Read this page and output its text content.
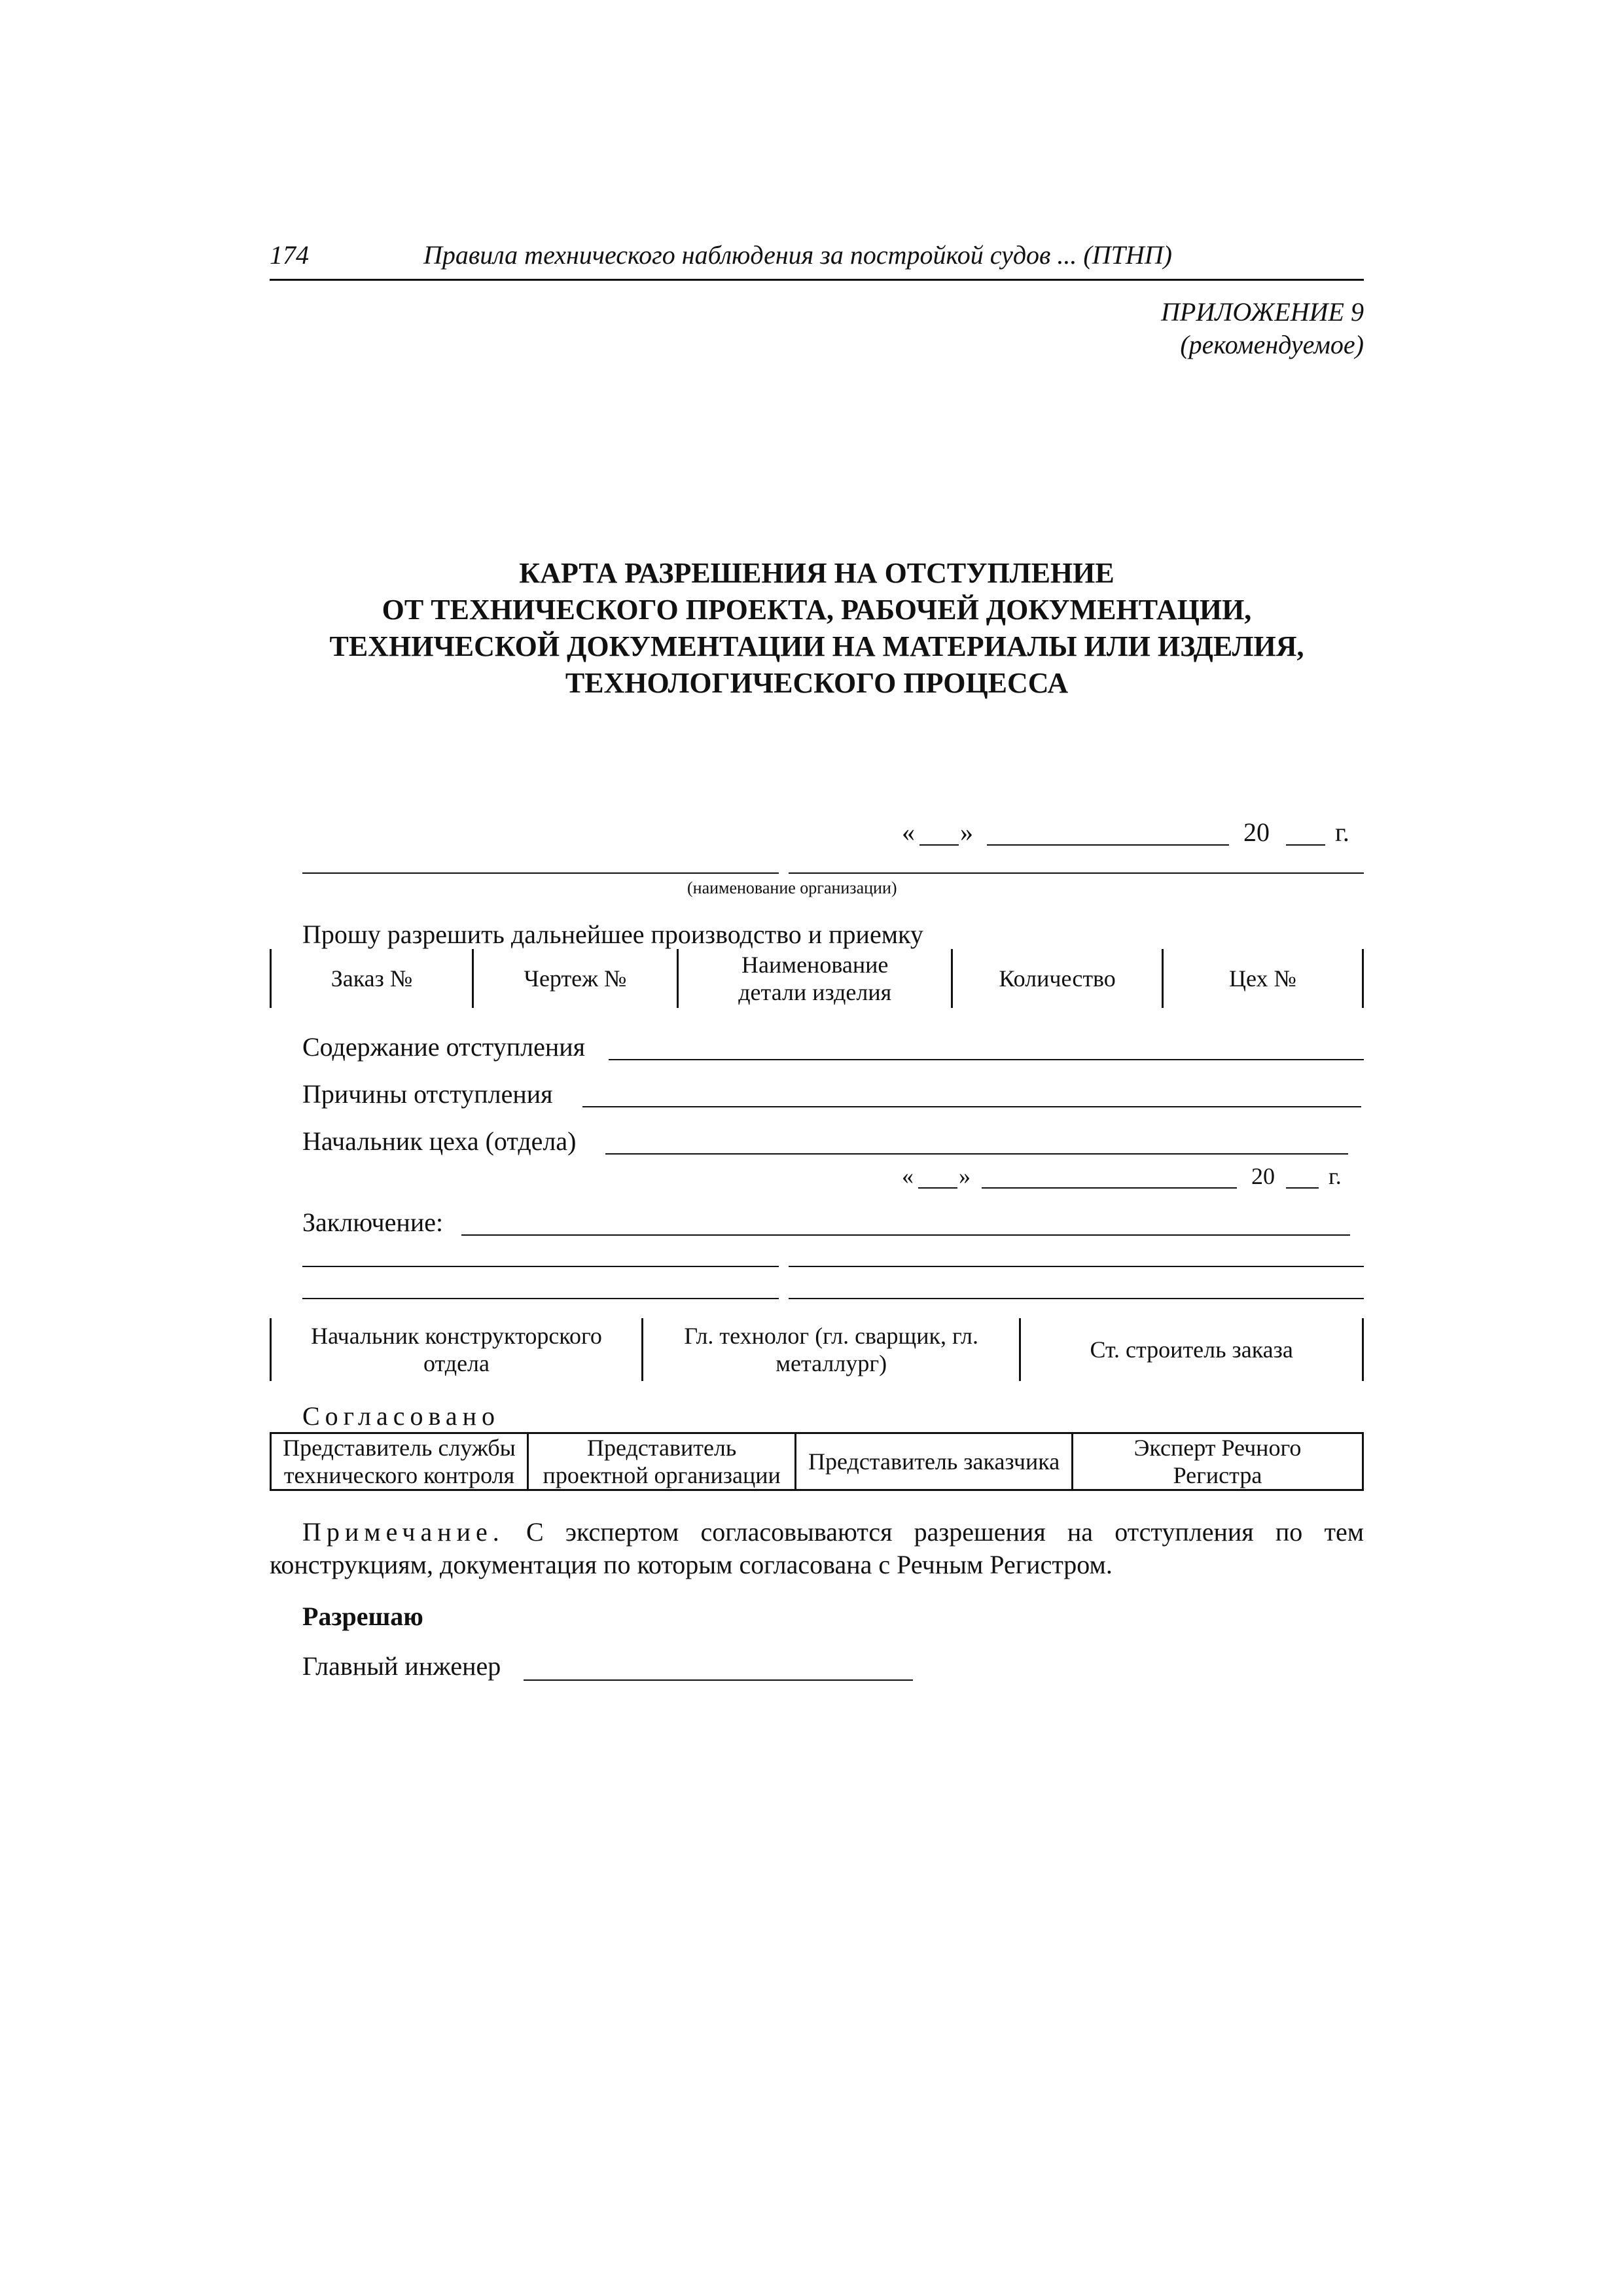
174	Правила технического наблюдения за постройкой судов ... (ПТНП)
ПРИЛОЖЕНИЕ 9
(рекомендуемое)
КАРТА РАЗРЕШЕНИЯ НА ОТСТУПЛЕНИЕ
ОТ ТЕХНИЧЕСКОГО ПРОЕКТА, РАБОЧЕЙ ДОКУМЕНТАЦИИ,
ТЕХНИЧЕСКОЙ ДОКУМЕНТАЦИИ НА МАТЕРИАЛЫ ИЛИ ИЗДЕЛИЯ,
ТЕХНОЛОГИЧЕСКОГО ПРОЦЕССА
« »	20	г.
(наименование организации)
Прошу разрешить дальнейшее производство и приемку
Заказ №	Чертеж №	Наименование детали изделия	Количество	Цех №
Содержание отступления
Причины отступления
Начальник цеха (отдела)
« »	20 г.
Заключение:
Начальник конструкторского отдела	Гл. технолог (гл. сварщик, гл. металлург)	Ст. строитель заказа
Согласовано
Представитель службы технического контроля	Представитель проектной организации	Представитель заказчика	Эксперт Речного Регистра
Примечание. С экспертом согласовываются разрешения на отступления по тем конструкциям, документация по которым согласована с Речным Регистром.
Разрешаю
Главный инженер
